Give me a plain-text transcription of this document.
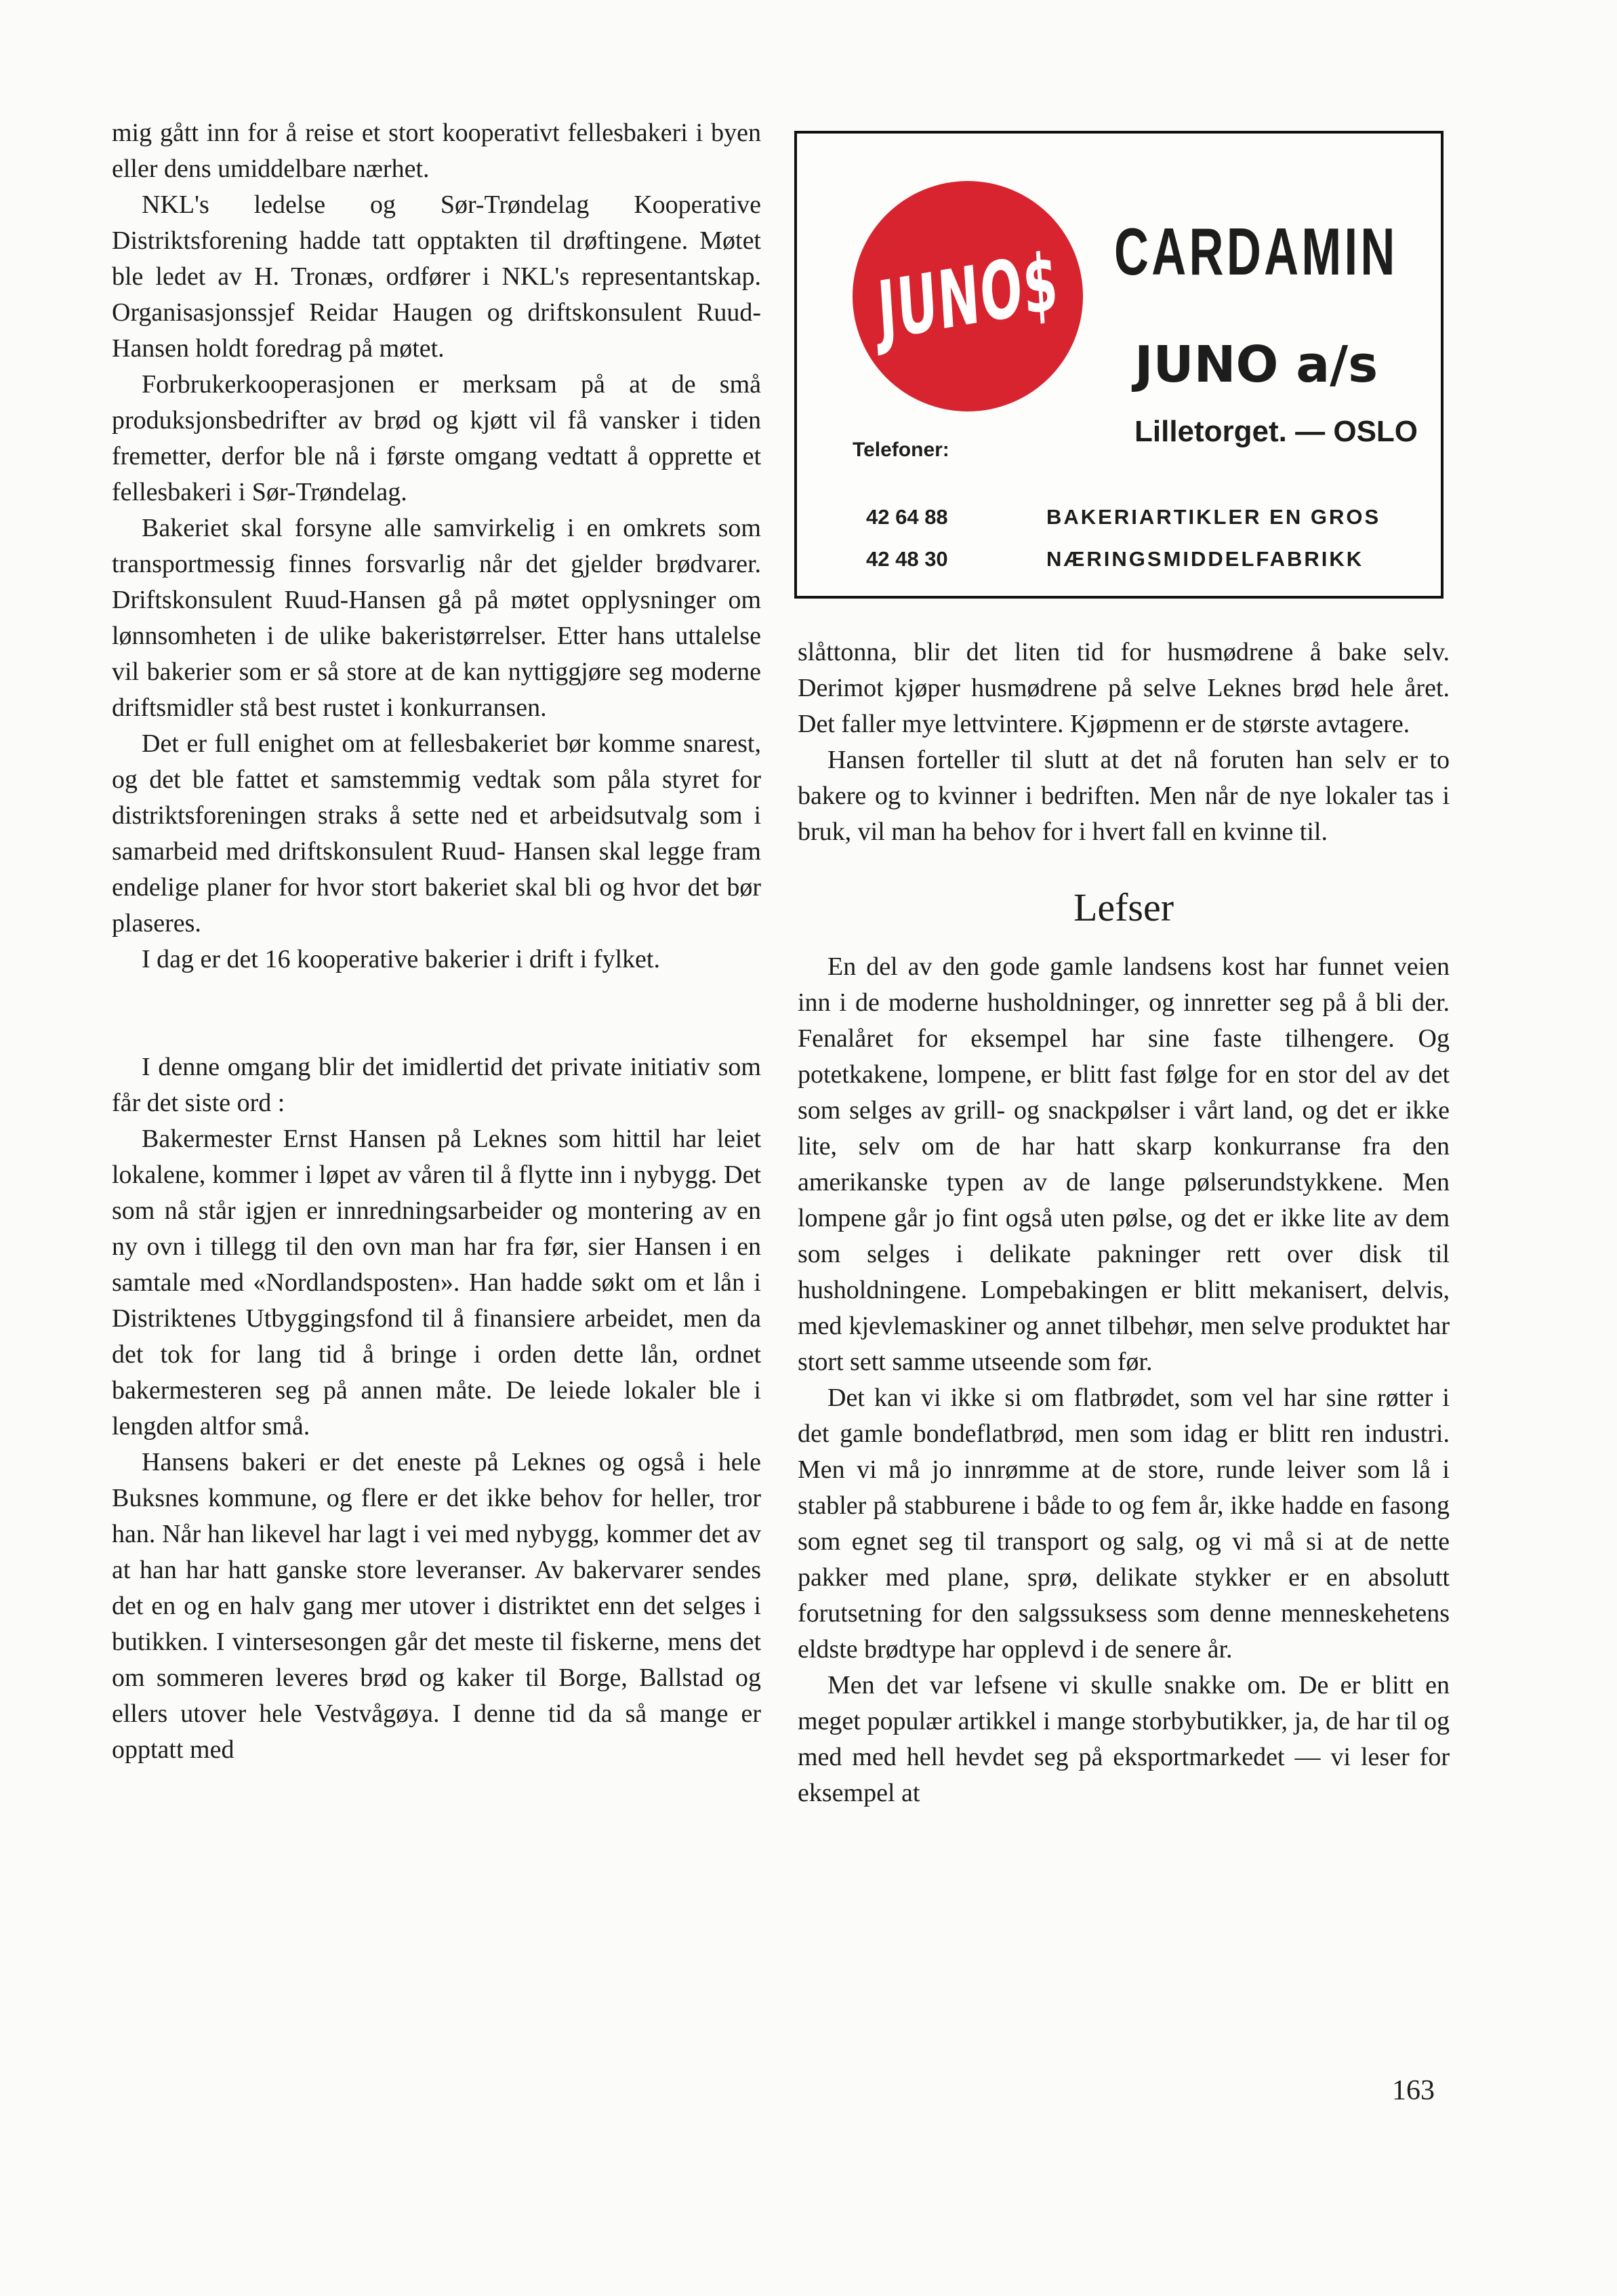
mig gått inn for å reise et stort kooperativt fellesbakeri i byen eller dens umiddelbare nærhet.

NKL's ledelse og Sør-Trøndelag Kooperative Distriktsforening hadde tatt opptakten til drøftingene. Møtet ble ledet av H. Tronæs, ordfører i NKL's representantskap. Organisasjonssjef Reidar Haugen og driftskonsulent Ruud-Hansen holdt foredrag på møtet.

Forbrukerkooperasjonen er merksam på at de små produksjonsbedrifter av brød og kjøtt vil få vansker i tiden fremetter, derfor ble nå i første omgang vedtatt å opprette et fellesbakeri i Sør-Trøndelag.

Bakeriet skal forsyne alle samvirkelig i en omkrets som transportmessig finnes forsvarlig når det gjelder brødvarer. Driftskonsulent Ruud-Hansen gå på møtet opplysninger om lønnsomheten i de ulike bakeristørrelser. Etter hans uttalelse vil bakerier som er så store at de kan nyttiggjøre seg moderne driftsmidler stå best rustet i konkurransen.

Det er full enighet om at fellesbakeriet bør komme snarest, og det ble fattet et samstemmig vedtak som påla styret for distriktsforeningen straks å sette ned et arbeidsutvalg som i samarbeid med driftskonsulent Ruud- Hansen skal legge fram endelige planer for hvor stort bakeriet skal bli og hvor det bør plaseres.

I dag er det 16 kooperative bakerier i drift i fylket.

I denne omgang blir det imidlertid det private initiativ som får det siste ord :

Bakermester Ernst Hansen på Leknes som hittil har leiet lokalene, kommer i løpet av våren til å flytte inn i nybygg. Det som nå står igjen er innredningsarbeider og montering av en ny ovn i tillegg til den ovn man har fra før, sier Hansen i en samtale med «Nordlandsposten». Han hadde søkt om et lån i Distriktenes Utbyggingsfond til å finansiere arbeidet, men da det tok for lang tid å bringe i orden dette lån, ordnet bakermesteren seg på annen måte. De leiede lokaler ble i lengden altfor små.

Hansens bakeri er det eneste på Leknes og også i hele Buksnes kommune, og flere er det ikke behov for heller, tror han. Når han likevel har lagt i vei med nybygg, kommer det av at han har hatt ganske store leveranser. Av bakervarer sendes det en og en halv gang mer utover i distriktet enn det selges i butikken. I vintersesongen går det meste til fiskerne, mens det om sommeren leveres brød og kaker til Borge, Ballstad og ellers utover hele Vestvågøya. I denne tid da så mange er opptatt med

JUNO$ CARDAMIN
JUNO a/s
Lilletorget. — OSLO
Telefoner:
42 64 88
42 48 30
BAKERIARTIKLER EN GROS
NÆRINGSMIDDELFABRIKK

slåttonna, blir det liten tid for husmødrene å bake selv. Derimot kjøper husmødrene på selve Leknes brød hele året. Det faller mye lettvintere. Kjøpmenn er de største avtagere.

Hansen forteller til slutt at det nå foruten han selv er to bakere og to kvinner i bedriften. Men når de nye lokaler tas i bruk, vil man ha behov for i hvert fall en kvinne til.

Lefser

En del av den gode gamle landsens kost har funnet veien inn i de moderne husholdninger, og innretter seg på å bli der. Fenalåret for eksempel har sine faste tilhengere. Og potetkakene, lompene, er blitt fast følge for en stor del av det som selges av grill- og snackpølser i vårt land, og det er ikke lite, selv om de har hatt skarp konkurranse fra den amerikanske typen av de lange pølserundstykkene. Men lompene går jo fint også uten pølse, og det er ikke lite av dem som selges i delikate pakninger rett over disk til husholdningene. Lompebakingen er blitt mekanisert, delvis, med kjevlemaskiner og annet tilbehør, men selve produktet har stort sett samme utseende som før.

Det kan vi ikke si om flatbrødet, som vel har sine røtter i det gamle bondeflatbrød, men som idag er blitt ren industri. Men vi må jo innrømme at de store, runde leiver som lå i stabler på stabburene i både to og fem år, ikke hadde en fasong som egnet seg til transport og salg, og vi må si at de nette pakker med plane, sprø, delikate stykker er en absolutt forutsetning for den salgssuksess som denne menneskehetens eldste brødtype har opplevd i de senere år.

Men det var lefsene vi skulle snakke om. De er blitt en meget populær artikkel i mange storbybutikker, ja, de har til og med med hell hevdet seg på eksportmarkedet — vi leser for eksempel at

163
